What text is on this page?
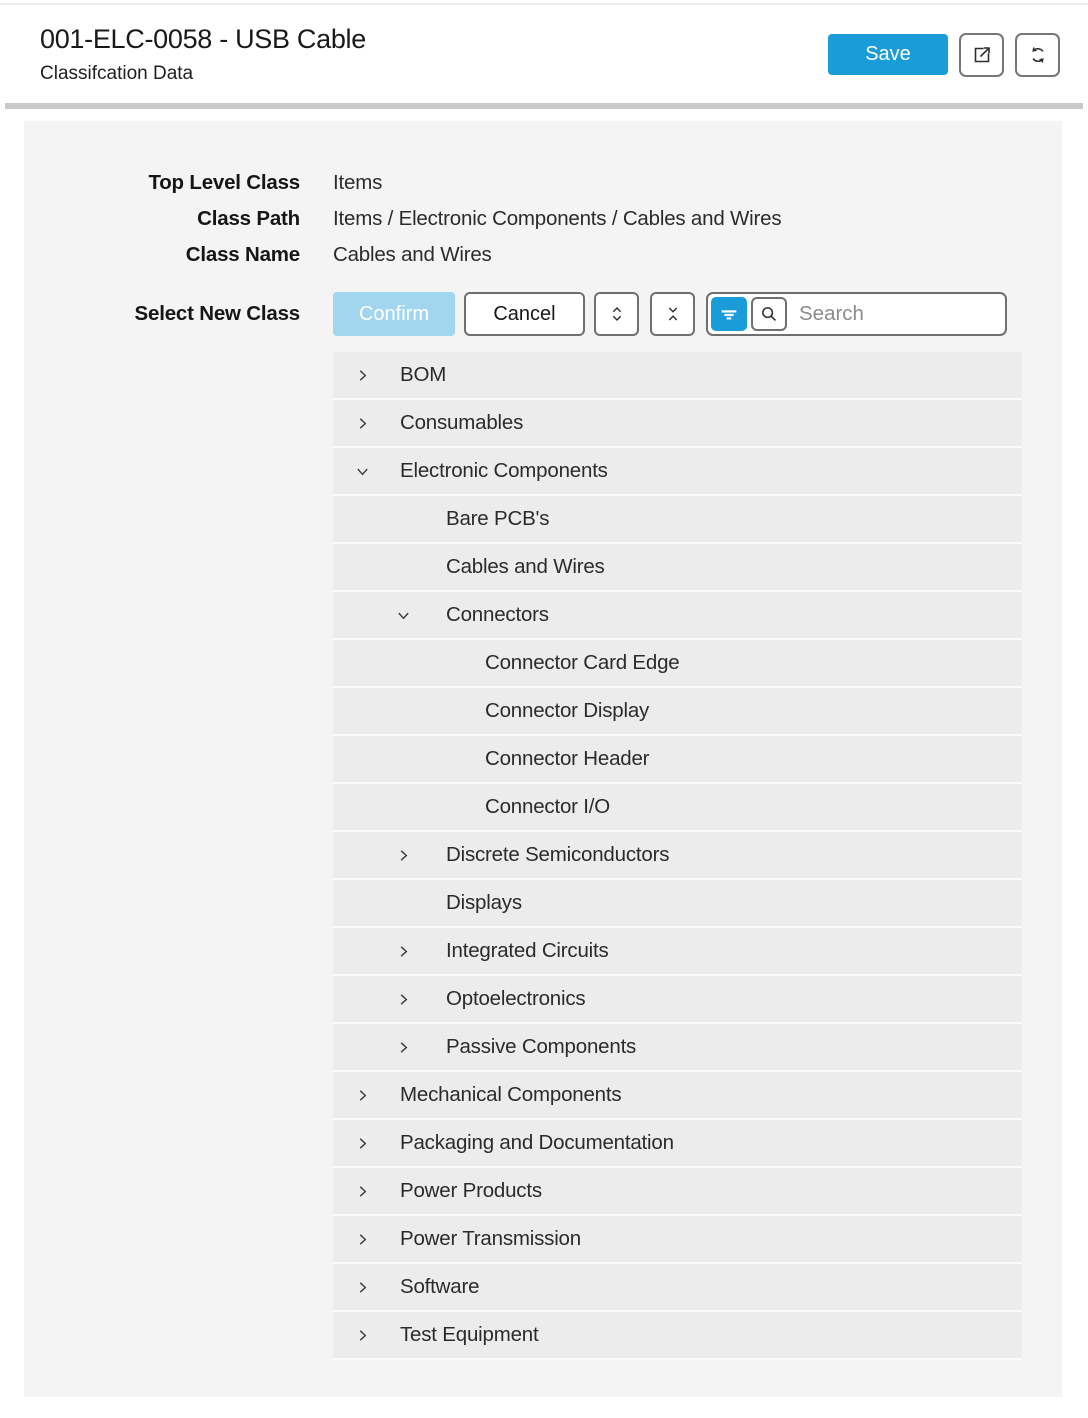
001-ELC-0058 - USB Cable
Classifcation Data
Save
Top Level Class Items
Class Path Items / Electronic Components / Cables and Wires
Class Name Cables and Wires
Select New Class	Confirm	Cancel
Search
BOM
Consumables
Electronic Components
Bare PCB's
Cables and Wires
Connectors
Connector Card Edge
Connector Display
Connector Header
Connector I/O
Discrete Semiconductors
Displays
Integrated Circuits
Optoelectronics
Passive Components
Mechanical Components
Packaging and Documentation
Power Products
Power Transmission
Software
Test Equipment
